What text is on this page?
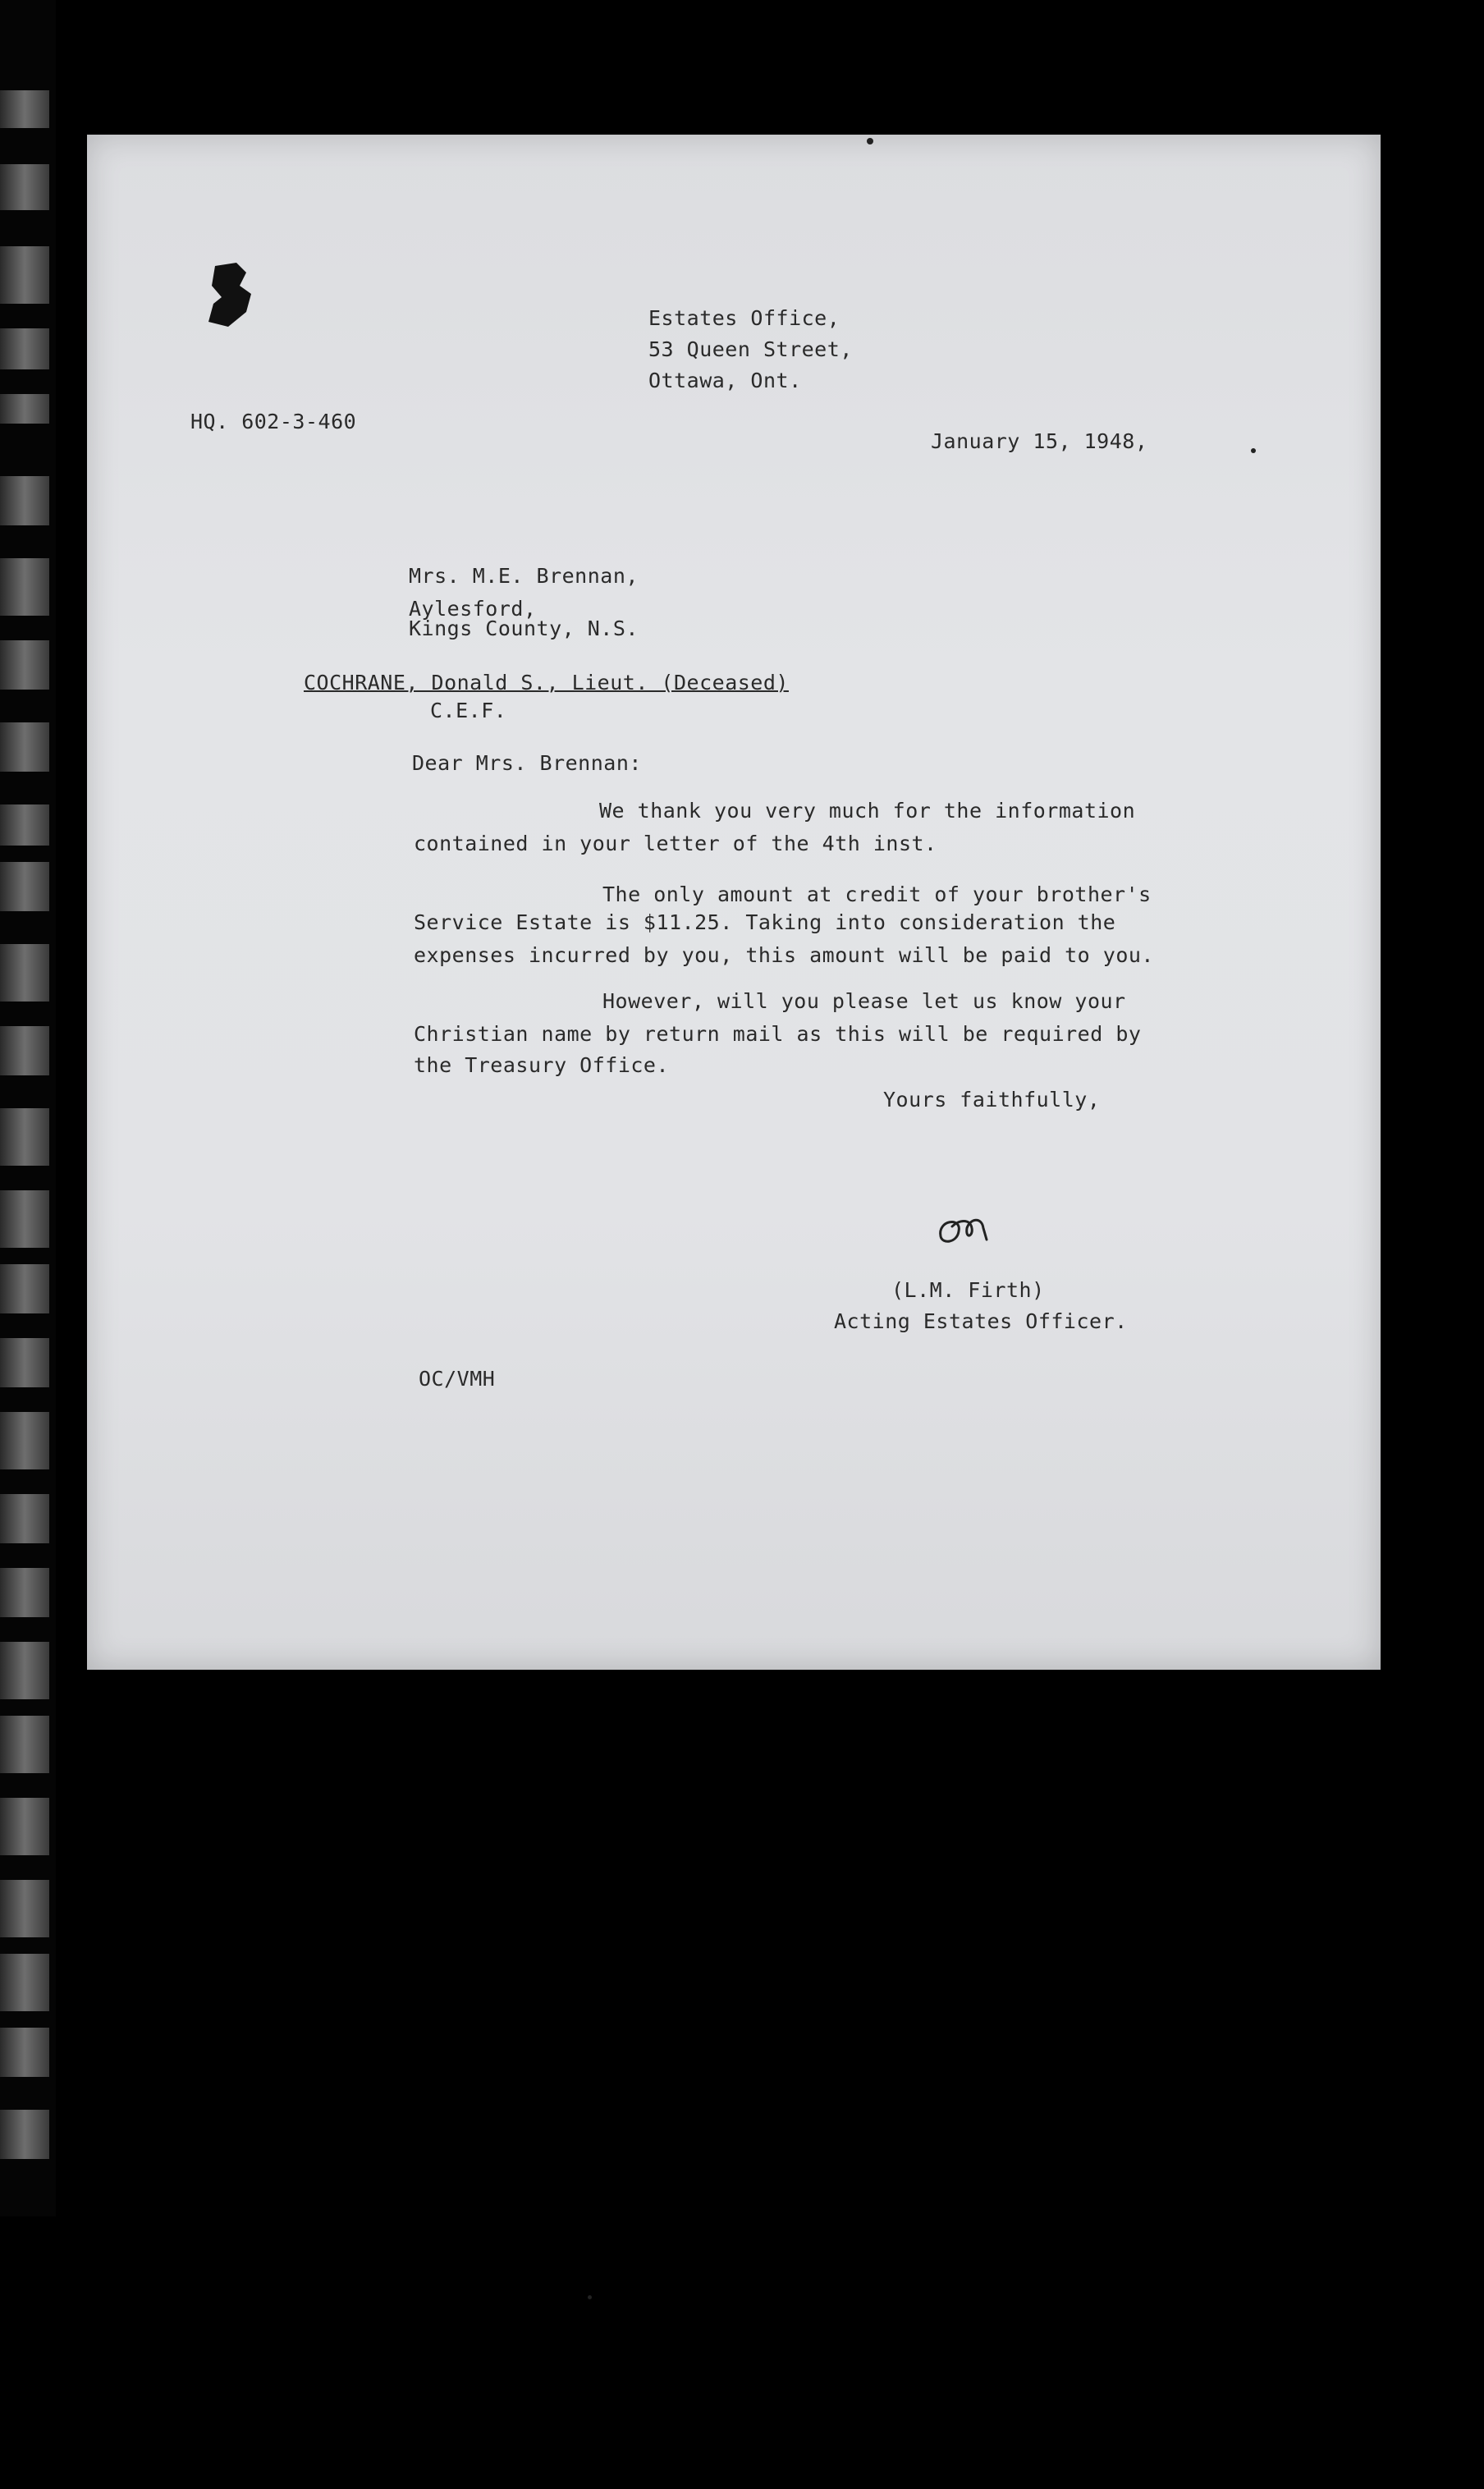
Estates Office,

53 Queen Street,

Ottawa, Ont.

HQ. 602-3-460

January 15, 1948,

Mrs. M.E. Brennan,

Aylesford,

Kings County, N.S.

COCHRANE, Donald S., Lieut. (Deceased)

C.E.F.

Dear Mrs. Brennan:

We thank you very much for the information

contained in your letter of the 4th inst.

The only amount at credit of your brother's

Service Estate is $11.25. Taking into consideration the

expenses incurred by you, this amount will be paid to you.

However, will you please let us know your

Christian name by return mail as this will be required by

the Treasury Office.

Yours faithfully,

(L.M. Firth)

Acting Estates Officer.

OC/VMH
